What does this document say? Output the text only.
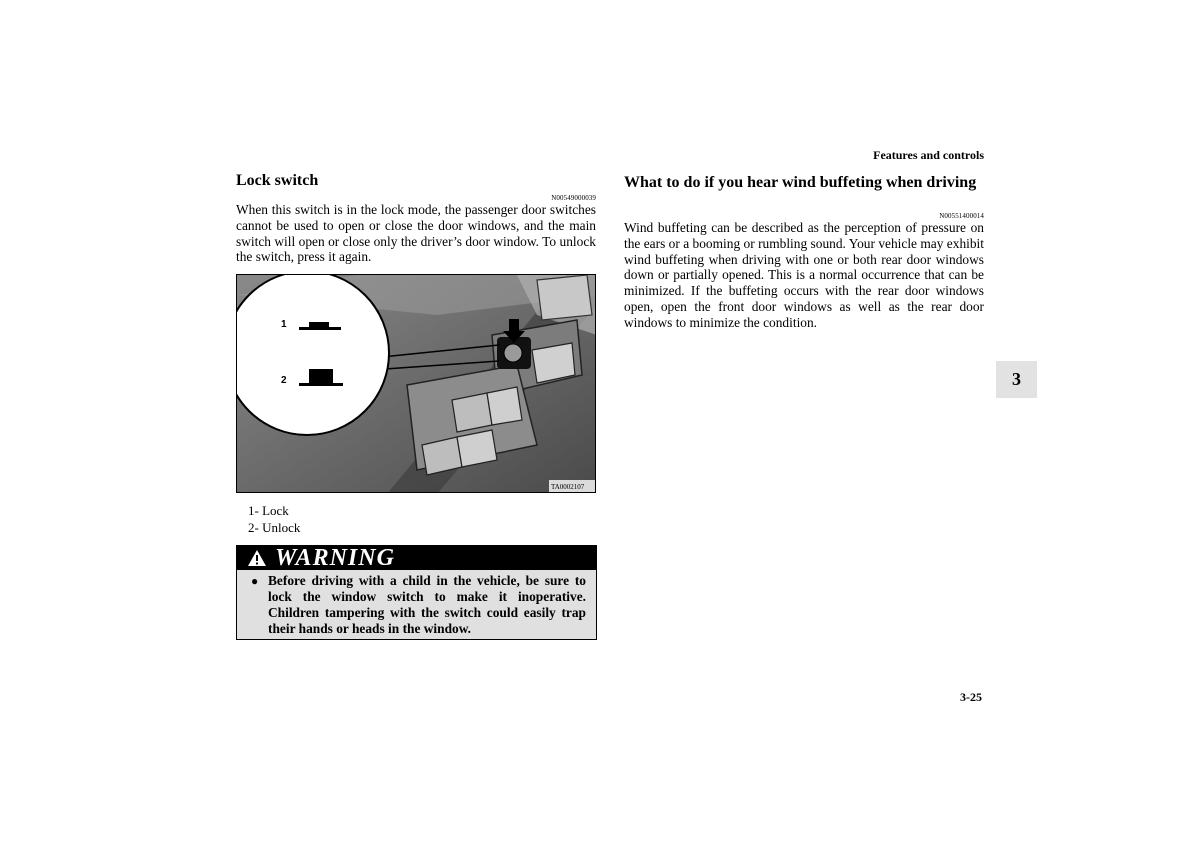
Features and controls
3
Lock switch
N00549000039
When this switch is in the lock mode, the passenger door switches cannot be used to open or close the door windows, and the main switch will open or close only the driver’s door window. To unlock the switch, press it again.
1
2
TA0002107
1- Lock
2- Unlock
WARNING
● Before driving with a child in the vehicle, be sure to lock the window switch to make it inoperative. Children tampering with the switch could easily trap their hands or heads in the window.
What to do if you hear wind buffeting when driving
N00551400014
Wind buffeting can be described as the perception of pressure on the ears or a booming or rumbling sound. Your vehicle may exhibit wind buffeting when driving with one or both rear door windows down or partially opened. This is a normal occurrence that can be minimized. If the buffeting occurs with the rear door windows open, open the front door windows as well as the rear door windows to minimize the condition.
3-25
